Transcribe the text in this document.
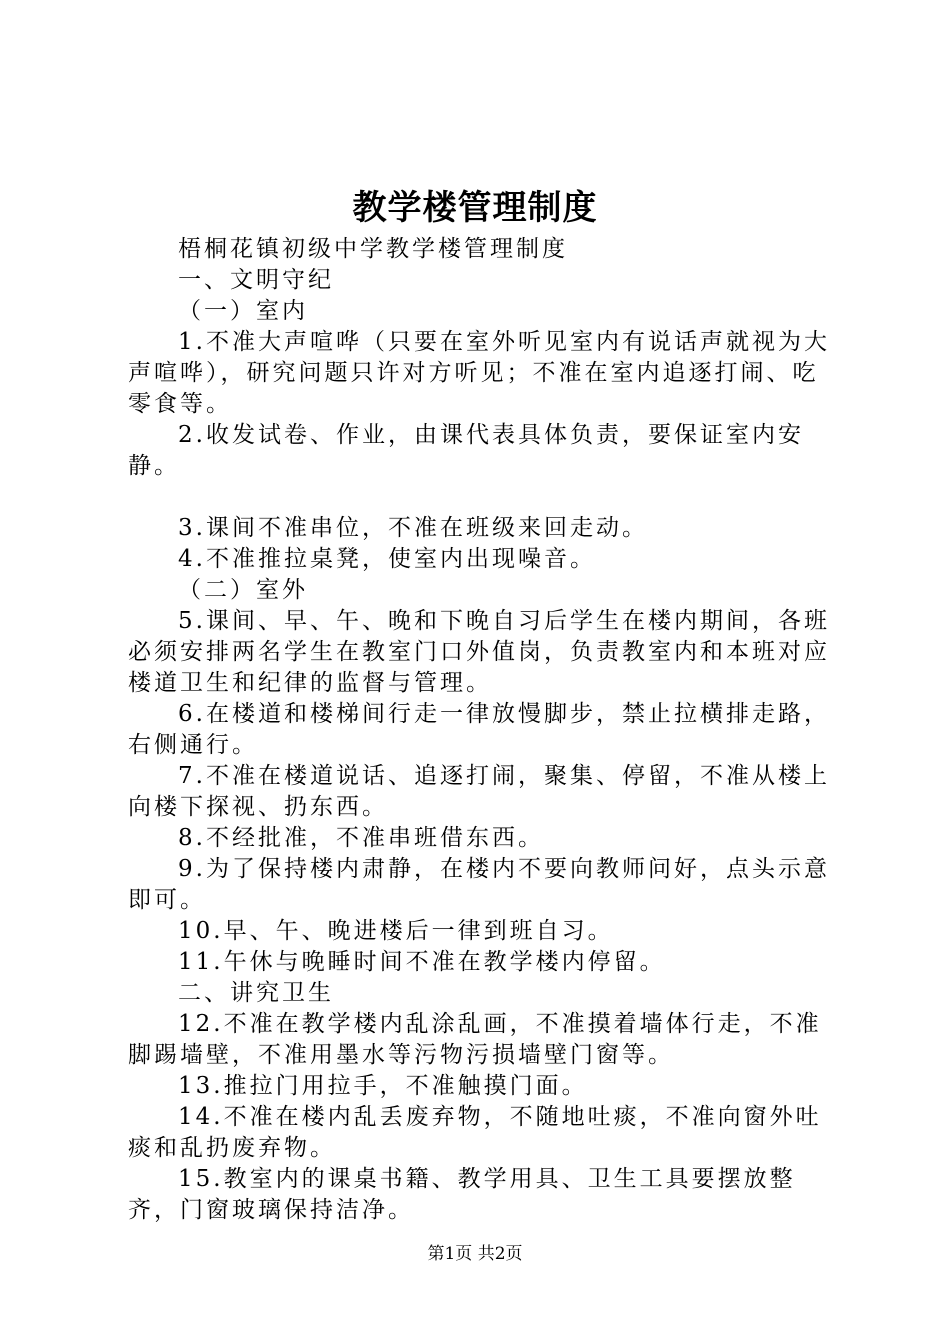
教学楼管理制度

梧桐花镇初级中学教学楼管理制度

一、文明守纪

（一）室内

1.不准大声喧哗（只要在室外听见室内有说话声就视为大声喧哗），研究问题只许对方听见；不准在室内追逐打闹、吃零食等。

2.收发试卷、作业，由课代表具体负责，要保证室内安静。

3.课间不准串位，不准在班级来回走动。

4.不准推拉桌凳，使室内出现噪音。

（二）室外

5.课间、早、午、晚和下晚自习后学生在楼内期间，各班必须安排两名学生在教室门口外值岗，负责教室内和本班对应楼道卫生和纪律的监督与管理。

6.在楼道和楼梯间行走一律放慢脚步，禁止拉横排走路，右侧通行。

7.不准在楼道说话、追逐打闹，聚集、停留，不准从楼上向楼下探视、扔东西。

8.不经批准，不准串班借东西。

9.为了保持楼内肃静，在楼内不要向教师问好，点头示意即可。

10.早、午、晚进楼后一律到班自习。

11.午休与晚睡时间不准在教学楼内停留。

二、讲究卫生

12.不准在教学楼内乱涂乱画，不准摸着墙体行走，不准脚踢墙壁，不准用墨水等污物污损墙壁门窗等。

13.推拉门用拉手，不准触摸门面。

14.不准在楼内乱丢废弃物，不随地吐痰，不准向窗外吐痰和乱扔废弃物。

15.教室内的课桌书籍、教学用具、卫生工具要摆放整齐，门窗玻璃保持洁净。

第1页 共2页
